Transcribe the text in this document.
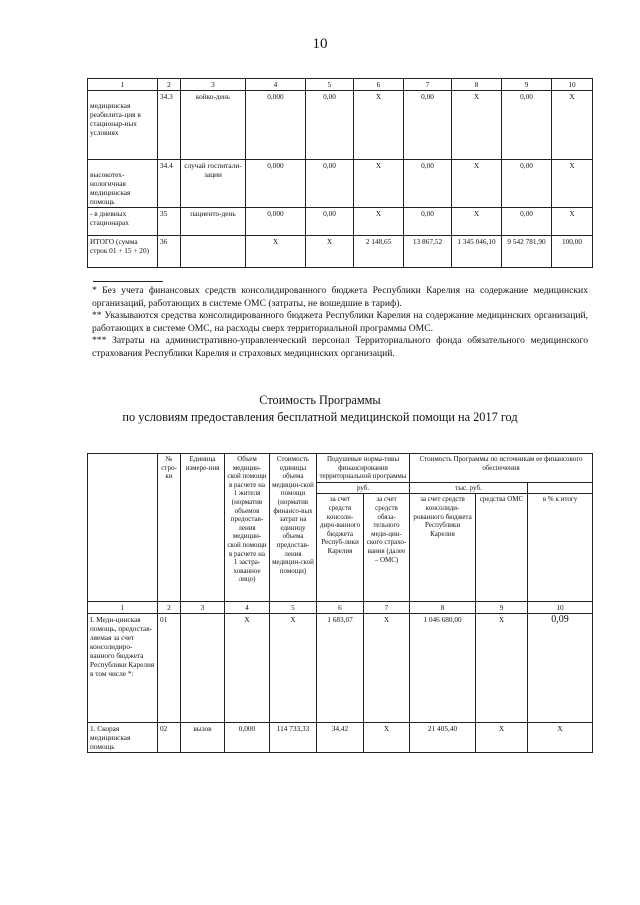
10
1	2	3	4	5	6	7	8	9	10
медицинская реабилита-ция в стационар-ных условиях	34.3	койко-день	0,000	0,00	Х	0,00	Х	0,00	Х
высокотех-нологичная медицинская помощь	34.4	случай госпитали-зации	0,000	0,00	Х	0,00	Х	0,00	Х
- в дневных стационарах	35	пациенто-день	0,000	0,00	Х	0,00	Х	0,00	Х
ИТОГО (сумма строк 01 + 15 + 20)	36		Х	Х	2 148,65	13 867,52	1 345 046,10	9 542 781,90	100,00

* Без учета финансовых средств консолидированного бюджета Республики Карелия на содержание медицинских организаций, работающих в системе ОМС (затраты, не вошедшие в тариф).

** Указываются средства консолидированного бюджета Республики Карелия на содержание медицинских организаций, работающих в системе ОМС, на расходы сверх территориальной программы ОМС.

*** Затраты на административно-управленческий персонал Территориального фонда обязательного медицинского страхования Республики Карелия и страховых медицинских организаций.

Стоимость Программы
по условиям предоставления бесплатной медицинской помощи на 2017 год
	№ стро-ки	Единица измере-ния	Объем медицин-ской помощи в расчете на 1 жителя (норматив объемов предостав-ления медицин-ской помощи в расчете на 1 застра-хованное лицо)	Стоимость единицы объема медицин-ской помощи (норматив финансо-вых затрат на единицу объема предостав-ления медицин-ской помощи)	Подушевые норма-тивы финансирования территориальной программы		Стоимость Программы по источникам ее финансового обеспечения		
					руб.		тыс. руб.		
					за счет средств консоли-диро-ванного бюджета Респуб-лики Карелия	за счет средств обяза-тельного меди-цин-ского страхо-вания (далее – ОМС)	за счет средств консолиди-рованного бюджета Республики Карелия	средства ОМС	в % к итогу
1	2	3	4	5	6	7	8	9	10
I. Меди-цинская помощь, предостав-ляемая за счет консолидиро-ванного бюджета Республики Карелия в том числе *:	01		Х	Х	1 683,07	Х	1 046 680,00	Х	0,09
1. Скорая медицинская помощь	02	вызов	0,000	114 733,33	34,42	Х	21 405,40	Х	Х
